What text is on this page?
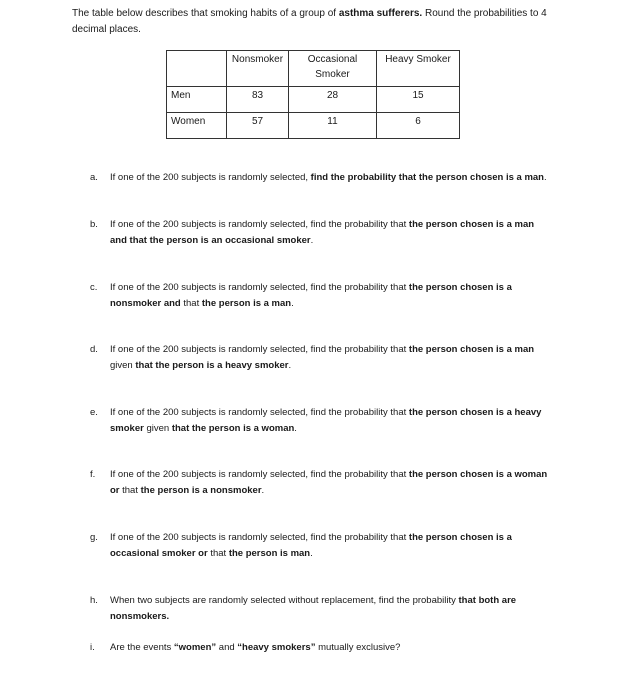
The table below describes that smoking habits of a group of asthma sufferers. Round the probabilities to 4 decimal places.
	Nonsmoker	Occasional Smoker	Heavy Smoker
Men	83	28	15
Women	57	11	6
a. If one of the 200 subjects is randomly selected, find the probability that the person chosen is a man.
b. If one of the 200 subjects is randomly selected, find the probability that the person chosen is a man and that the person is an occasional smoker.
c. If one of the 200 subjects is randomly selected, find the probability that the person chosen is a nonsmoker and that the person is a man.
d. If one of the 200 subjects is randomly selected, find the probability that the person chosen is a man given that the person is a heavy smoker.
e. If one of the 200 subjects is randomly selected, find the probability that the person chosen is a heavy smoker given that the person is a woman.
f. If one of the 200 subjects is randomly selected, find the probability that the person chosen is a woman or that the person is a nonsmoker.
g. If one of the 200 subjects is randomly selected, find the probability that the person chosen is a occasional smoker or that the person is man.
h. When two subjects are randomly selected without replacement, find the probability that both are nonsmokers.
i. Are the events “women” and “heavy smokers” mutually exclusive?
